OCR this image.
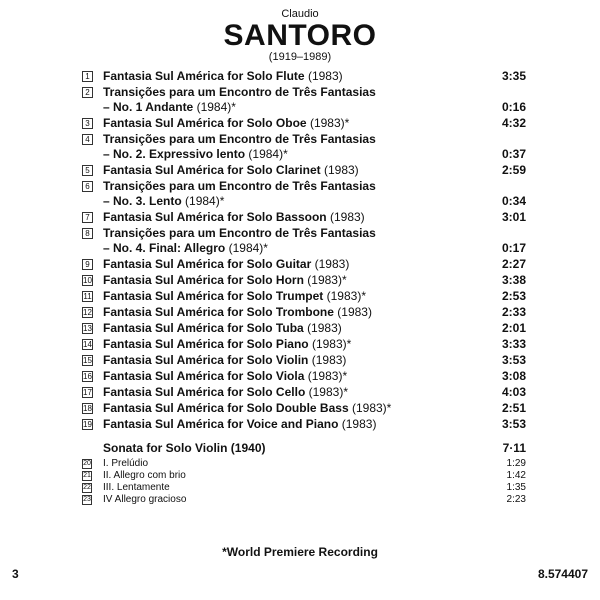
Claudio
SANTORO
(1919–1989)
1 Fantasia Sul América for Solo Flute (1983)	3:35
2 Transições para um Encontro de Três Fantasias
– No. 1 Andante (1984)*	0:16
3 Fantasia Sul América for Solo Oboe (1983)*	4:32
4 Transições para um Encontro de Três Fantasias
– No. 2. Expressivo lento (1984)*	0:37
5 Fantasia Sul América for Solo Clarinet (1983)	2:59
6 Transições para um Encontro de Três Fantasias
– No. 3. Lento (1984)*	0:34
7 Fantasia Sul América for Solo Bassoon (1983)	3:01
8 Transições para um Encontro de Três Fantasias
– No. 4. Final: Allegro (1984)*	0:17
9 Fantasia Sul América for Solo Guitar (1983)	2:27
10 Fantasia Sul América for Solo Horn (1983)*	3:38
11 Fantasia Sul América for Solo Trumpet (1983)*	2:53
12 Fantasia Sul América for Solo Trombone (1983)	2:33
13 Fantasia Sul América for Solo Tuba (1983)	2:01
14 Fantasia Sul América for Solo Piano (1983)*	3:33
15 Fantasia Sul América for Solo Violin (1983)	3:53
16 Fantasia Sul América for Solo Viola (1983)*	3:08
17 Fantasia Sul América for Solo Cello (1983)*	4:03
18 Fantasia Sul América for Solo Double Bass (1983)*	2:51
19 Fantasia Sul América for Voice and Piano (1983)	3:53
Sonata for Solo Violin (1940)	7·11
20 I. Prelúdio	1:29
21 II. Allegro com brio	1:42
22 III. Lentamente	1:35
23 IV Allegro gracioso	2:23
*World Premiere Recording
3	8.574407
